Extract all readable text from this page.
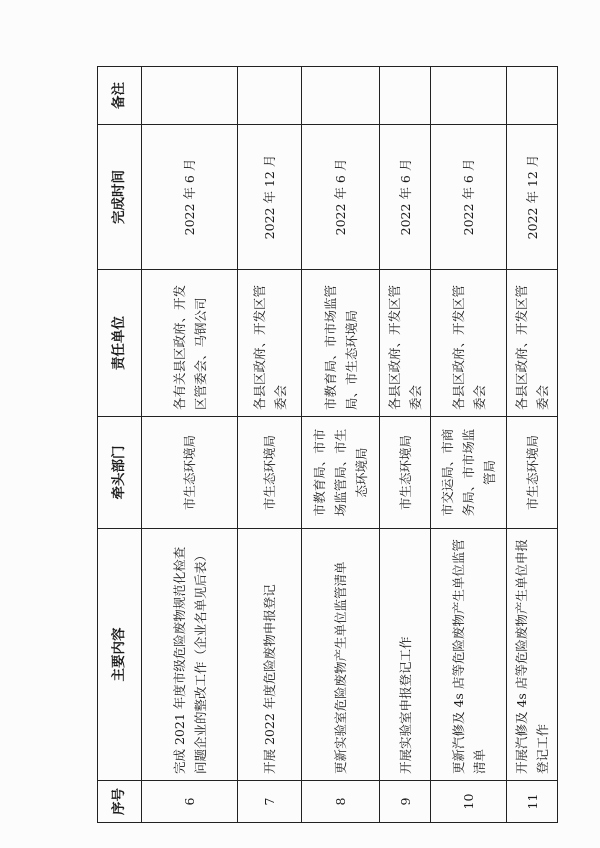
序号	主要内容	牵头部门	责任单位	完成时间	备注
6	完成 2021 年度市级危险废物规范化检查问题企业的整改工作（企业名单见后表）	市生态环境局	各有关县区政府、开发区管委会、马钢公司	2022 年 6 月	
7	开展 2022 年度危险废物申报登记	市生态环境局	各县区政府、开发区管委会	2022 年 12 月	
8	更新实验室危险废物产生单位监管清单	市教育局、市市场监管局、市生态环境局	市教育局、市市场监管局、市生态环境局	2022 年 6 月	
9	开展实验室申报登记工作	市生态环境局	各县区政府、开发区管委会	2022 年 6 月	
10	更新汽修及 4s 店等危险废物产生单位监管清单	市交运局、市商务局、市市场监管局	各县区政府、开发区管委会	2022 年 6 月	
11	开展汽修及 4s 店等危险废物产生单位申报登记工作	市生态环境局	各县区政府、开发区管委会	2022 年 12 月	
